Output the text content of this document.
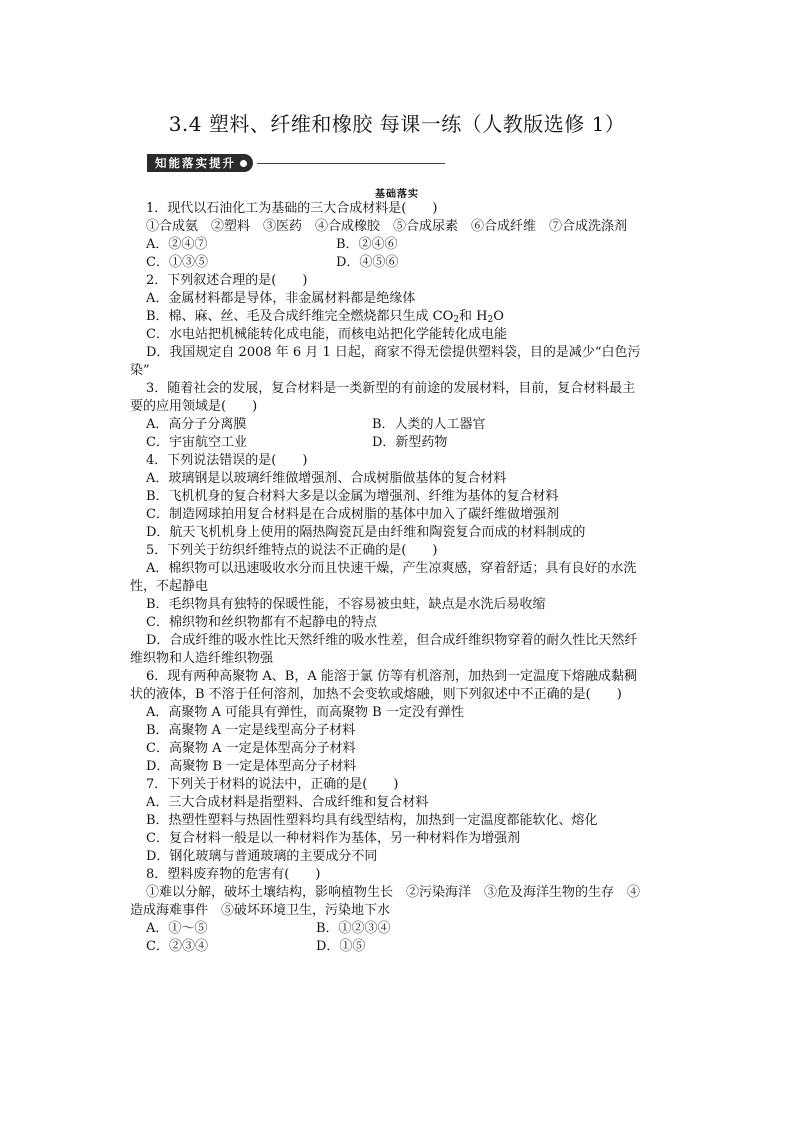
3.4 塑料、纤维和橡胶 每课一练（人教版选修 1）
知能落实提升
基础落实
1．现代以石油化工为基础的三大合成材料是(　　)
①合成氨　②塑料　③医药　④合成橡胶　⑤合成尿素　⑥合成纤维　⑦合成洗涤剂
A．②④⑦	B．②④⑥
C．①③⑤	D．④⑤⑥
2．下列叙述合理的是(　　)
A．金属材料都是导体，非金属材料都是绝缘体
B．棉、麻、丝、毛及合成纤维完全燃烧都只生成 $CO_2$和 $H_2O$
C．水电站把机械能转化成电能，而核电站把化学能转化成电能
D．我国规定自 2008 年 6 月 1 日起，商家不得无偿提供塑料袋，目的是减少“白色污
染”
3．随着社会的发展，复合材料是一类新型的有前途的发展材料，目前，复合材料最主
要的应用领域是(　　)
A．高分子分离膜	B．人类的人工器官
C．宇宙航空工业	D．新型药物
4．下列说法错误的是(　　)
A．玻璃钢是以玻璃纤维做增强剂、合成树脂做基体的复合材料
B．飞机机身的复合材料大多是以金属为增强剂、纤维为基体的复合材料
C．制造网球拍用复合材料是在合成树脂的基体中加入了碳纤维做增强剂
D．航天飞机机身上使用的隔热陶瓷瓦是由纤维和陶瓷复合而成的材料制成的
5．下列关于纺织纤维特点的说法不正确的是(　　)
A．棉织物可以迅速吸收水分而且快速干燥，产生凉爽感，穿着舒适；具有良好的水洗
性，不起静电
B．毛织物具有独特的保暖性能，不容易被虫蛀，缺点是水洗后易收缩
C．棉织物和丝织物都有不起静电的特点
D．合成纤维的吸水性比天然纤维的吸水性差，但合成纤维织物穿着的耐久性比天然纤
维织物和人造纤维织物强
6．现有两种高聚物 A、B，A 能溶于氯 仿等有机溶剂，加热到一定温度下熔融成黏稠
状的液体，B 不溶于任何溶剂，加热不会变软或熔融，则下列叙述中不正确的是(　　)
A．高聚物 A 可能具有弹性，而高聚物 B 一定没有弹性
B．高聚物 A 一定是线型高分子材料
C．高聚物 A 一定是体型高分子材料
D．高聚物 B 一定是体型高分子材料
7．下列关于材料的说法中，正确的是(　　)
A．三大合成材料是指塑料、合成纤维和复合材料
B．热塑性塑料与热固性塑料均具有线型结构，加热到一定温度都能软化、熔化
C．复合材料一般是以一种材料作为基体，另一种材料作为增强剂
D．钢化玻璃与普通玻璃的主要成分不同
8．塑料废弃物的危害有(　　)
①难以分解，破坏土壤结构，影响植物生长　②污染海洋　③危及海洋生物的生存　④
造成海难事件　⑤破坏环境卫生，污染地下水
A．①～⑤	B．①②③④
C．②③④	D．①⑤
